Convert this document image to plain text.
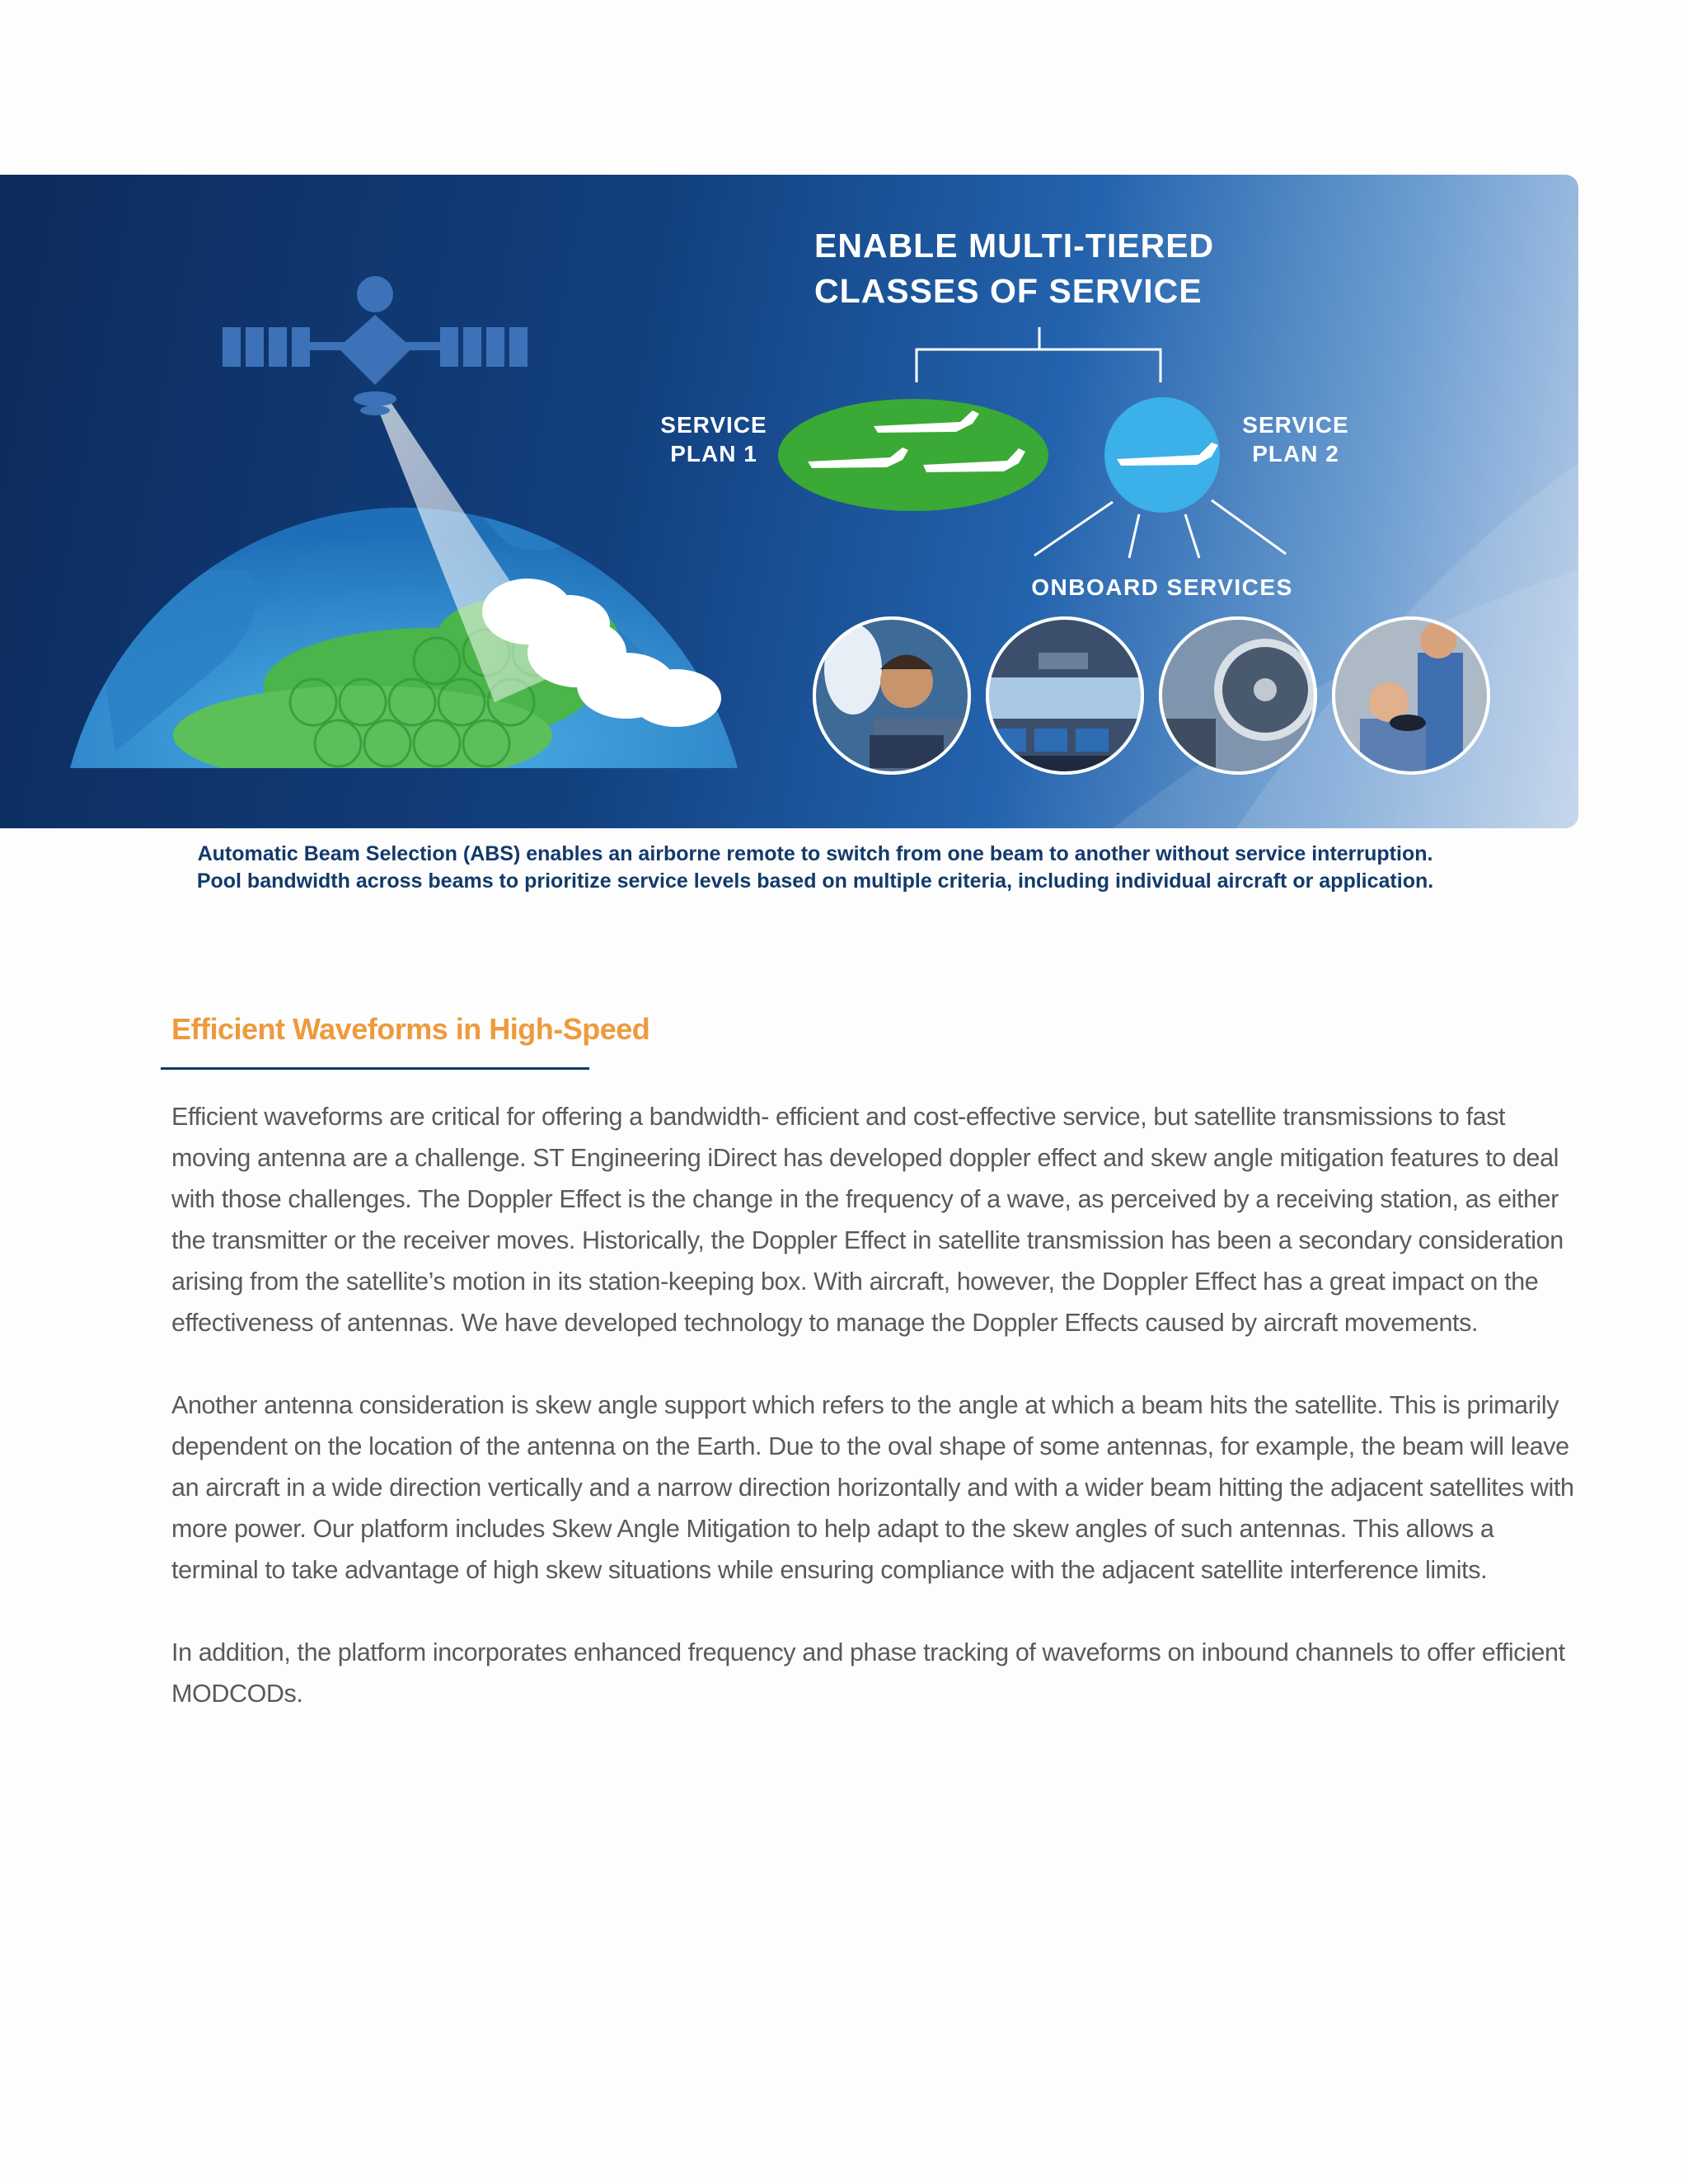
ENABLE MULTI-TIERED
CLASSES OF SERVICE
SERVICE
PLAN 1
SERVICE
PLAN 2
ONBOARD SERVICES
Automatic Beam Selection (ABS) enables an airborne remote to switch from one beam to another without service interruption.
Pool bandwidth across beams to prioritize service levels based on multiple criteria, including individual aircraft or application.
Efficient Waveforms in High-Speed

Efficient waveforms are critical for offering a bandwidth- efficient and cost-effective service, but satellite transmissions to fast moving antenna are a challenge. ST Engineering iDirect has developed doppler effect and skew angle mitigation features to deal with those challenges. The Doppler Effect is the change in the frequency of a wave, as perceived by a receiving station, as either the transmitter or the receiver moves. Historically, the Doppler Effect in satellite transmission has been a secondary consideration arising from the satellite’s motion in its station-keeping box. With aircraft, however, the Doppler Effect has a great impact on the effectiveness of antennas. We have developed technology to manage the Doppler Effects caused by aircraft movements.

Another antenna consideration is skew angle support which refers to the angle at which a beam hits the satellite. This is primarily dependent on the location of the antenna on the Earth. Due to the oval shape of some antennas, for example, the beam will leave an aircraft in a wide direction vertically and a narrow direction horizontally and with a wider beam hitting the adjacent satellites with more power. Our platform includes Skew Angle Mitigation to help adapt to the skew angles of such antennas. This allows a terminal to take advantage of high skew situations while ensuring compliance with the adjacent satellite interference limits.

In addition, the platform incorporates enhanced frequency and phase tracking of waveforms on inbound channels to offer efficient MODCODs.
